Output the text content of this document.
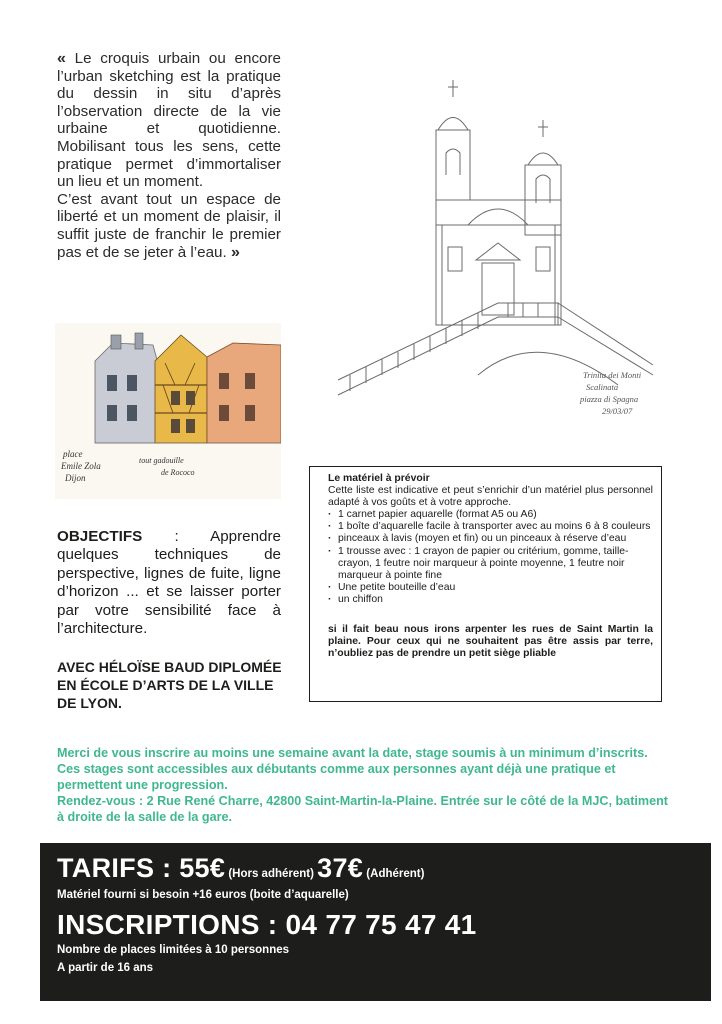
« Le croquis urbain ou encore l’urban sketching est la pratique du dessin in situ d’après l’observation directe de la vie urbaine et quotidienne. Mobilisant tous les sens, cette pratique permet d’immortaliser un lieu et un moment.

C’est avant tout un espace de liberté et un moment de plaisir, il suffit juste de franchir le premier pas et de se jeter à l’eau. »

place
Emile Zola
Dijon
tout gadouille
de Rococo
Trinita dei Monti
Scalinata
piazza di Spagna
29/03/07

OBJECTIFS : Apprendre quelques techniques de perspective, lignes de fuite, ligne d’horizon ... et se laisser porter par votre sensibilité face à l’architecture.

AVEC HÉLOÏSE BAUD DIPLOMÉE EN ÉCOLE D’ARTS DE LA VILLE DE LYON.

Le matériel à prévoir

Cette liste est indicative et peut s’enrichir d’un matériel plus personnel adapté à vos goûts et à votre approche.

· 1 carnet papier aquarelle (format A5 ou A6)
· 1 boîte d’aquarelle facile à transporter avec au moins 6 à 8 couleurs
· pinceaux à lavis (moyen et fin) ou un pinceaux à réserve d’eau
· 1 trousse avec : 1 crayon de papier ou critérium, gomme, taille-crayon, 1 feutre noir marqueur à pointe moyenne, 1 feutre noir marqueur à pointe fine
· Une petite bouteille d’eau
· un chiffon

si il fait beau nous irons arpenter les rues de Saint Martin la plaine. Pour ceux qui ne souhaitent pas être assis par terre, n’oubliez pas de prendre un petit siège pliable

Merci de vous inscrire au moins une semaine avant la date, stage soumis à un minimum d’inscrits. Ces stages sont accessibles aux débutants comme aux personnes ayant déjà une pratique et permettent une progression.

Rendez-vous : 2 Rue René Charre, 42800 Saint-Martin-la-Plaine. Entrée sur le côté de la MJC, batiment à droite de la salle de la gare.

TARIFS : 55€ (Hors adhérent) 37€ (Adhérent)
Matériel fourni si besoin +16 euros (boite d’aquarelle)
INSCRIPTIONS : 04 77 75 47 41
Nombre de places limitées à 10 personnes
A partir de 16 ans
